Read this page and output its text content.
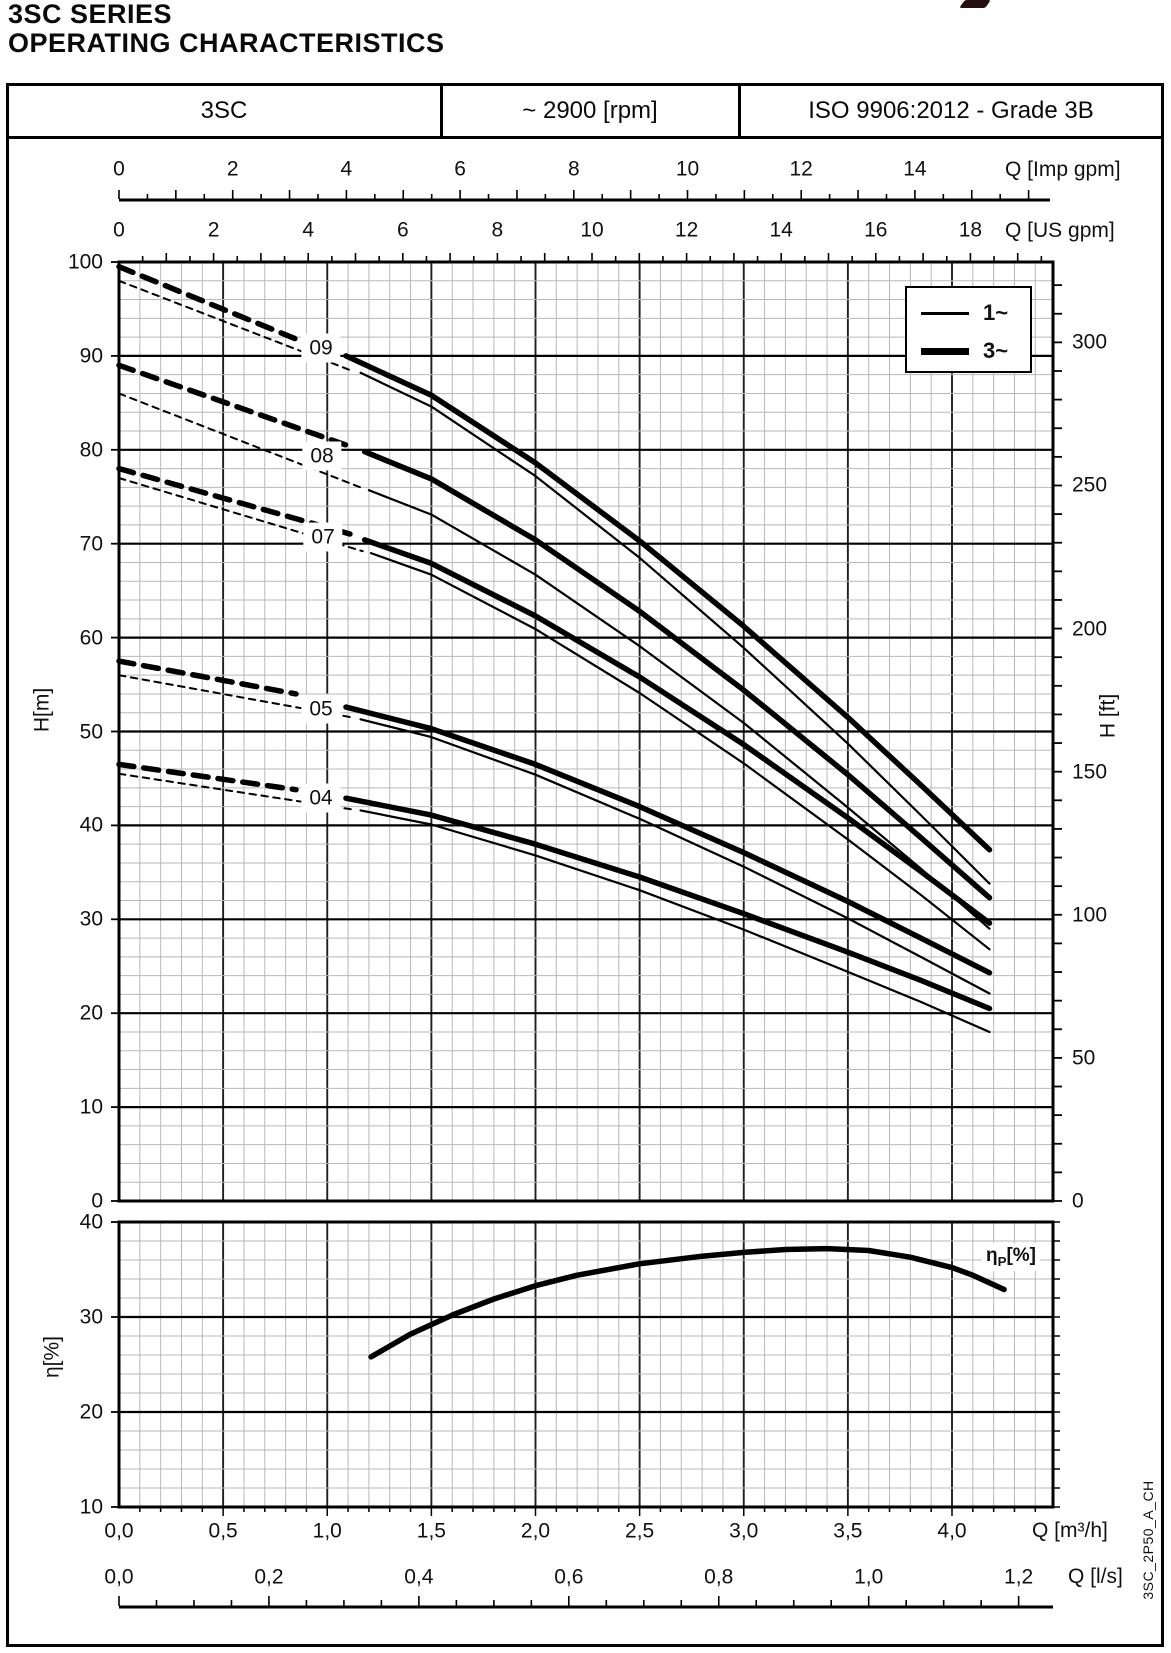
3SC SERIES
OPERATING CHARACTERISTICS
3SC	~ 2900 [rpm]	ISO 9906:2012 - Grade 3B
Q [Imp gpm]
Q [US gpm]
Q [m³/h]
Q [l/s]
H[m]	H [ft]
η[%]
3SC_2P50_A_CH
1~
3~
$\eta_P[\%]$
0	2	4	6	8	10	12	14
0	2	4	6	8	10	12	14	16	18
100
90
80
70
60
50
40
30
20
10
0
300
250
200
150
100
50
0
0,0	0,5	1,0	1,5	2,0	2,5	3,0	3,5	4,0
0,0	0,2	0,4	0,6	0,8	1,0	1,2
40
30
20
10
09
08
07
05
04
